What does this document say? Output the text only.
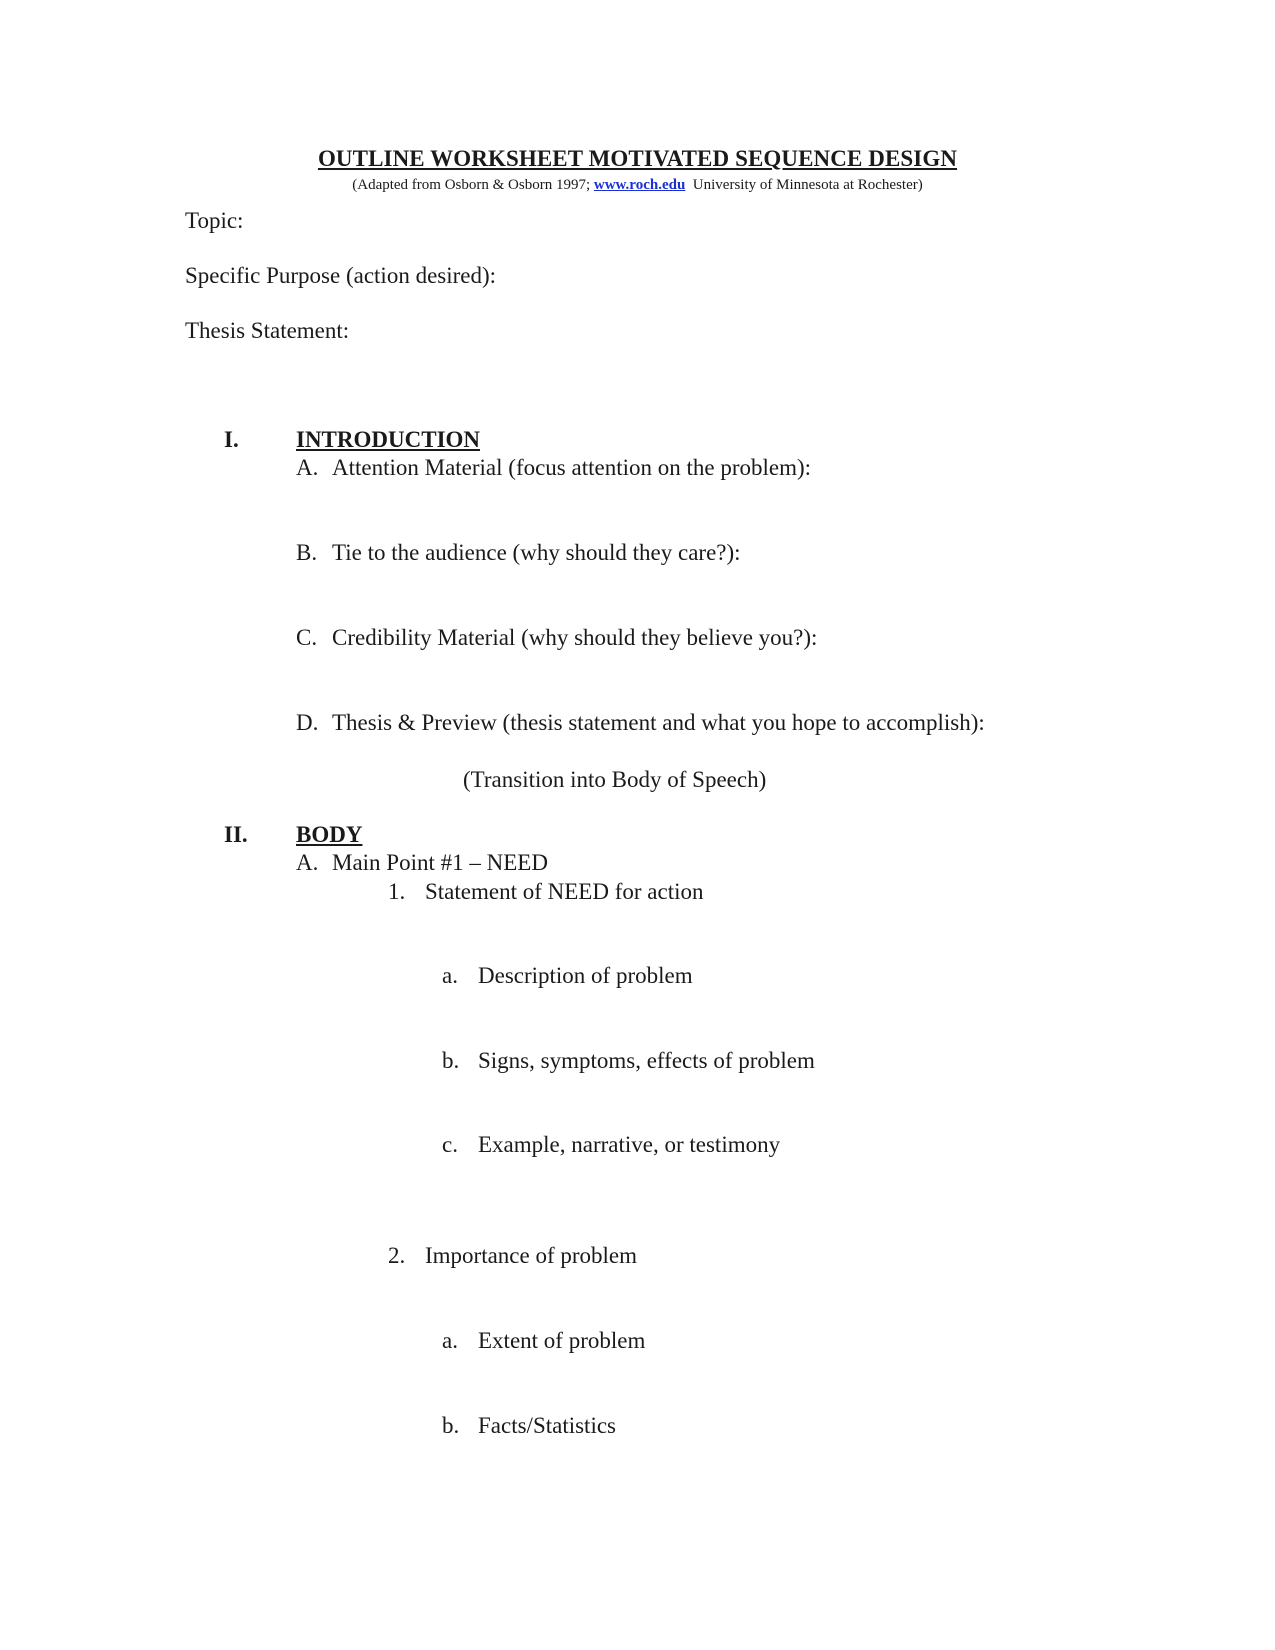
OUTLINE WORKSHEET MOTIVATED SEQUENCE DESIGN
(Adapted from Osborn & Osborn 1997; www.roch.edu  University of Minnesota at Rochester)
Topic:
Specific Purpose (action desired):
Thesis Statement:
I. INTRODUCTION
A. Attention Material (focus attention on the problem):
B. Tie to the audience (why should they care?):
C. Credibility Material (why should they believe you?):
D. Thesis & Preview (thesis statement and what you hope to accomplish):
(Transition into Body of Speech)
II. BODY
A. Main Point #1 – NEED
1. Statement of NEED for action
a. Description of problem
b. Signs, symptoms, effects of problem
c. Example, narrative, or testimony
2. Importance of problem
a. Extent of problem
b. Facts/Statistics
